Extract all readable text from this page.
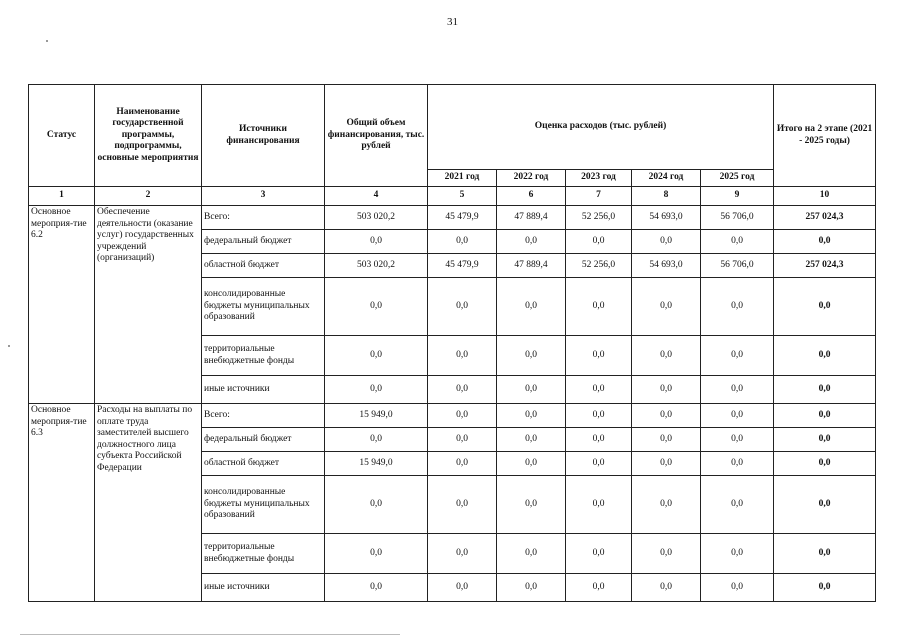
31
Статус	Наименование государственной программы, подпрограммы, основные мероприятия	Источники финансирования	Общий объем финансирования, тыс. рублей	Оценка расходов (тыс. рублей)					Итого на 2 этапе (2021 - 2025 годы)
				2021 год	2022 год	2023 год	2024 год	2025 год	
1	2	3	4	5	6	7	8	9	10
Основное мероприя-тие 6.2	Обеспечение деятельности (оказание услуг) государственных учреждений (организаций)	Всего:	503 020,2	45 479,9	47 889,4	52 256,0	54 693,0	56 706,0	257 024,3
		федеральный бюджет	0,0	0,0	0,0	0,0	0,0	0,0	0,0
		областной бюджет	503 020,2	45 479,9	47 889,4	52 256,0	54 693,0	56 706,0	257 024,3
		консолидированные бюджеты муниципальных образований	0,0	0,0	0,0	0,0	0,0	0,0	0,0
		территориальные внебюджетные фонды	0,0	0,0	0,0	0,0	0,0	0,0	0,0
		иные источники	0,0	0,0	0,0	0,0	0,0	0,0	0,0
Основное мероприя-тие 6.3	Расходы на выплаты по оплате труда заместителей высшего должностного лица субъекта Российской Федерации	Всего:	15 949,0	0,0	0,0	0,0	0,0	0,0	0,0
		федеральный бюджет	0,0	0,0	0,0	0,0	0,0	0,0	0,0
		областной бюджет	15 949,0	0,0	0,0	0,0	0,0	0,0	0,0
		консолидированные бюджеты муниципальных образований	0,0	0,0	0,0	0,0	0,0	0,0	0,0
		территориальные внебюджетные фонды	0,0	0,0	0,0	0,0	0,0	0,0	0,0
		иные источники	0,0	0,0	0,0	0,0	0,0	0,0	0,0
